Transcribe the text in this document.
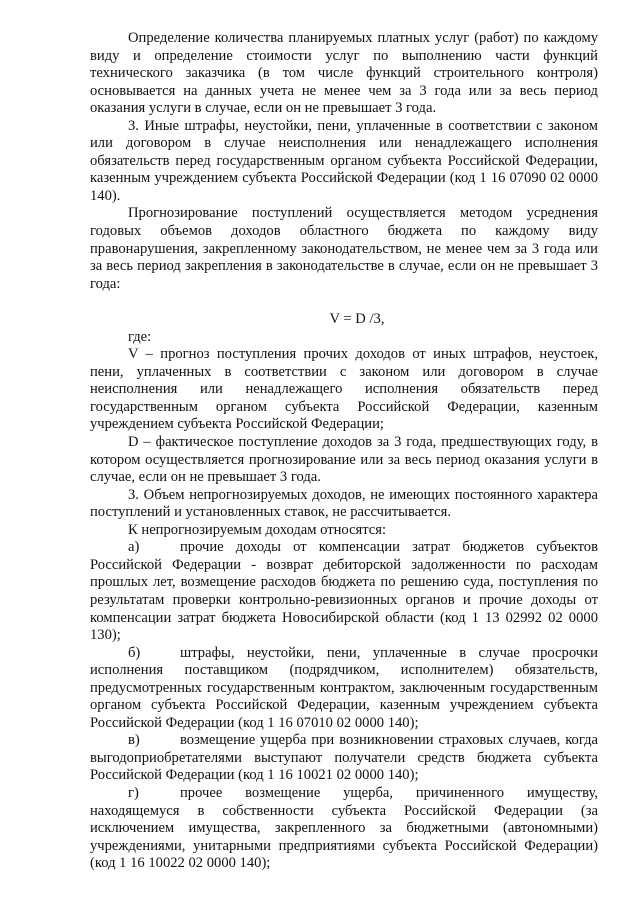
Определение количества планируемых платных услуг (работ) по каждому виду и определение стоимости услуг по выполнению части функций технического заказчика (в том числе функций строительного контроля) основывается на данных учета не менее чем за 3 года или за весь период оказания услуги в случае, если он не превышает 3 года.

3. Иные штрафы, неустойки, пени, уплаченные в соответствии с законом или договором в случае неисполнения или ненадлежащего исполнения обязательств перед государственным органом субъекта Российской Федерации, казенным учреждением субъекта Российской Федерации (код 1 16 07090 02 0000 140).

Прогнозирование поступлений осуществляется методом усреднения годовых объемов доходов областного бюджета по каждому виду правонарушения, закрепленному законодательством, не менее чем за 3 года или за весь период закрепления в законодательстве в случае, если он не превышает 3 года:

V = D /3,

где:

V – прогноз поступления прочих доходов от иных штрафов, неустоек, пени, уплаченных в соответствии с законом или договором в случае неисполнения или ненадлежащего исполнения обязательств перед государственным органом субъекта Российской Федерации, казенным учреждением субъекта Российской Федерации;

D – фактическое поступление доходов за 3 года, предшествующих году, в котором осуществляется прогнозирование или за весь период оказания услуги в случае, если он не превышает 3 года.

3. Объем непрогнозируемых доходов, не имеющих постоянного характера поступлений и установленных ставок, не рассчитывается.

К непрогнозируемым доходам относятся:

а)	прочие доходы от компенсации затрат бюджетов субъектов Российской Федерации - возврат дебиторской задолженности по расходам прошлых лет, возмещение расходов бюджета по решению суда, поступления по результатам проверки контрольно-ревизионных органов и прочие доходы от компенсации затрат бюджета Новосибирской области (код 1 13 02992 02 0000 130);

б)	штрафы, неустойки, пени, уплаченные в случае просрочки исполнения поставщиком (подрядчиком, исполнителем) обязательств, предусмотренных государственным контрактом, заключенным государственным органом субъекта Российской Федерации, казенным учреждением субъекта Российской Федерации (код 1 16 07010 02 0000 140);

в)	возмещение ущерба при возникновении страховых случаев, когда выгодоприобретателями выступают получатели средств бюджета субъекта Российской Федерации (код 1 16 10021 02 0000 140);

г)	прочее возмещение ущерба, причиненного имуществу, находящемуся в собственности субъекта Российской Федерации (за исключением имущества, закрепленного за бюджетными (автономными) учреждениями, унитарными предприятиями субъекта Российской Федерации) (код 1 16 10022 02 0000 140);
